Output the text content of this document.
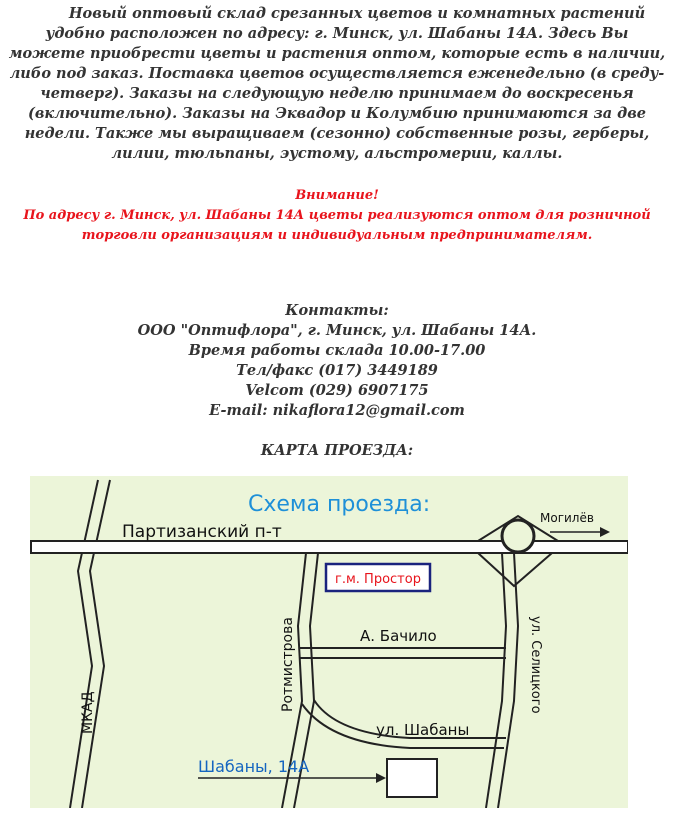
Новый оптовый склад срезанных цветов и комнатных растений удобно расположен по адресу: г. Минск, ул. Шабаны 14А. Здесь Вы можете приобрести цветы и растения оптом, которые есть в наличии, либо под заказ. Поставка цветов осуществляется еженедельно (в среду-четверг). Заказы на следующую неделю принимаем до воскресенья (включительно). Заказы на Эквадор и Колумбию принимаются за две недели. Также мы выращиваем (сезонно) собственные розы, герберы, лилии, тюльпаны, эустому, альстромерии, каллы.

Внимание!
По адресу г. Минск, ул. Шабаны 14А цветы реализуются оптом для розничной
торговли организациям и индивидуальным предпринимателям.
Контакты:
ООО "Оптифлора", г. Минск, ул. Шабаны 14А.
Время работы склада 10.00-17.00
Тел/факс (017) 3449189
Velcom (029) 6907175
E-mail: nikaflora12@gmail.com
КАРТА ПРОЕЗДА:
Схема проезда:
Партизанский п-т
Могилёв
г.м. Простор
А. Бачило
Ротмистрова	ул. Селицкого
ул. Шабаны
МКАД
Шабаны, 14А
